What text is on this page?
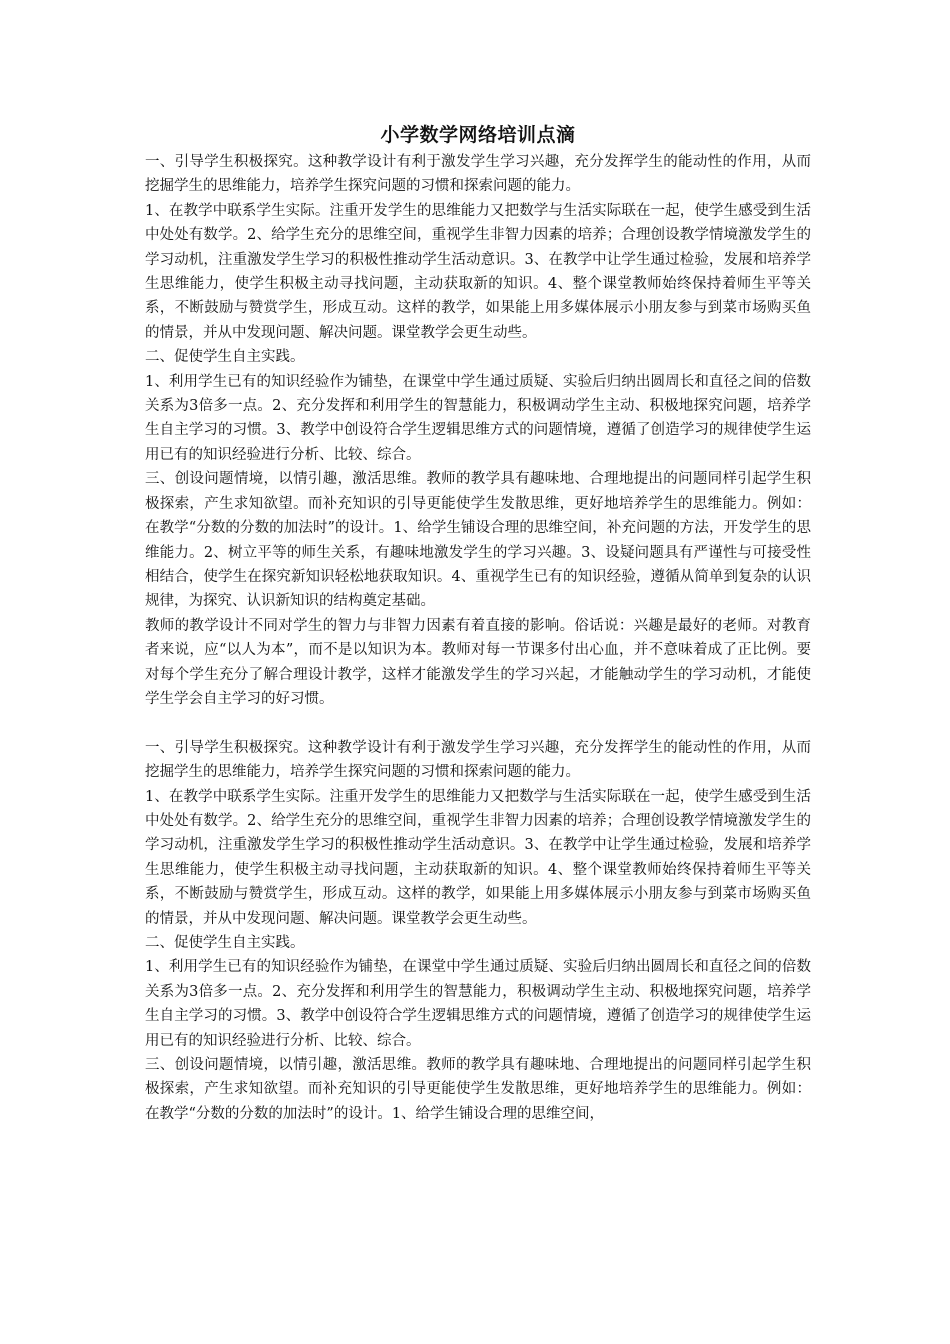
小学数学网络培训点滴

一、引导学生积极探究。这种教学设计有利于激发学生学习兴趣，充分发挥学生的能动性的作用，从而挖掘学生的思维能力，培养学生探究问题的习惯和探索问题的能力。

1、在教学中联系学生实际。注重开发学生的思维能力又把数学与生活实际联在一起，使学生感受到生活中处处有数学。2、给学生充分的思维空间，重视学生非智力因素的培养；合理创设教学情境激发学生的学习动机，注重激发学生学习的积极性推动学生活动意识。3、在教学中让学生通过检验，发展和培养学生思维能力，使学生积极主动寻找问题，主动获取新的知识。4、整个课堂教师始终保持着师生平等关系，不断鼓励与赞赏学生，形成互动。这样的教学，如果能上用多媒体展示小朋友参与到菜市场购买鱼的情景，并从中发现问题、解决问题。课堂教学会更生动些。

二、促使学生自主实践。

1、利用学生已有的知识经验作为铺垫，在课堂中学生通过质疑、实验后归纳出圆周长和直径之间的倍数关系为3倍多一点。2、充分发挥和利用学生的智慧能力，积极调动学生主动、积极地探究问题，培养学生自主学习的习惯。3、教学中创设符合学生逻辑思维方式的问题情境，遵循了创造学习的规律使学生运用已有的知识经验进行分析、比较、综合。

三、创设问题情境，以情引趣，激活思维。教师的教学具有趣味地、合理地提出的问题同样引起学生积极探索，产生求知欲望。而补充知识的引导更能使学生发散思维，更好地培养学生的思维能力。例如：在教学“分数的分数的加法时”的设计。1、给学生铺设合理的思维空间，补充问题的方法，开发学生的思维能力。2、树立平等的师生关系，有趣味地激发学生的学习兴趣。3、设疑问题具有严谨性与可接受性相结合，使学生在探究新知识轻松地获取知识。4、重视学生已有的知识经验，遵循从简单到复杂的认识规律，为探究、认识新知识的结构奠定基础。

教师的教学设计不同对学生的智力与非智力因素有着直接的影响。俗话说：兴趣是最好的老师。对教育者来说，应“以人为本”，而不是以知识为本。教师对每一节课多付出心血，并不意味着成了正比例。要对每个学生充分了解合理设计教学，这样才能激发学生的学习兴起，才能触动学生的学习动机，才能使学生学会自主学习的好习惯。

一、引导学生积极探究。这种教学设计有利于激发学生学习兴趣，充分发挥学生的能动性的作用，从而挖掘学生的思维能力，培养学生探究问题的习惯和探索问题的能力。

1、在教学中联系学生实际。注重开发学生的思维能力又把数学与生活实际联在一起，使学生感受到生活中处处有数学。2、给学生充分的思维空间，重视学生非智力因素的培养；合理创设教学情境激发学生的学习动机，注重激发学生学习的积极性推动学生活动意识。3、在教学中让学生通过检验，发展和培养学生思维能力，使学生积极主动寻找问题，主动获取新的知识。4、整个课堂教师始终保持着师生平等关系，不断鼓励与赞赏学生，形成互动。这样的教学，如果能上用多媒体展示小朋友参与到菜市场购买鱼的情景，并从中发现问题、解决问题。课堂教学会更生动些。

二、促使学生自主实践。

1、利用学生已有的知识经验作为铺垫，在课堂中学生通过质疑、实验后归纳出圆周长和直径之间的倍数关系为3倍多一点。2、充分发挥和利用学生的智慧能力，积极调动学生主动、积极地探究问题，培养学生自主学习的习惯。3、教学中创设符合学生逻辑思维方式的问题情境，遵循了创造学习的规律使学生运用已有的知识经验进行分析、比较、综合。

三、创设问题情境，以情引趣，激活思维。教师的教学具有趣味地、合理地提出的问题同样引起学生积极探索，产生求知欲望。而补充知识的引导更能使学生发散思维，更好地培养学生的思维能力。例如：在教学“分数的分数的加法时”的设计。1、给学生铺设合理的思维空间，
